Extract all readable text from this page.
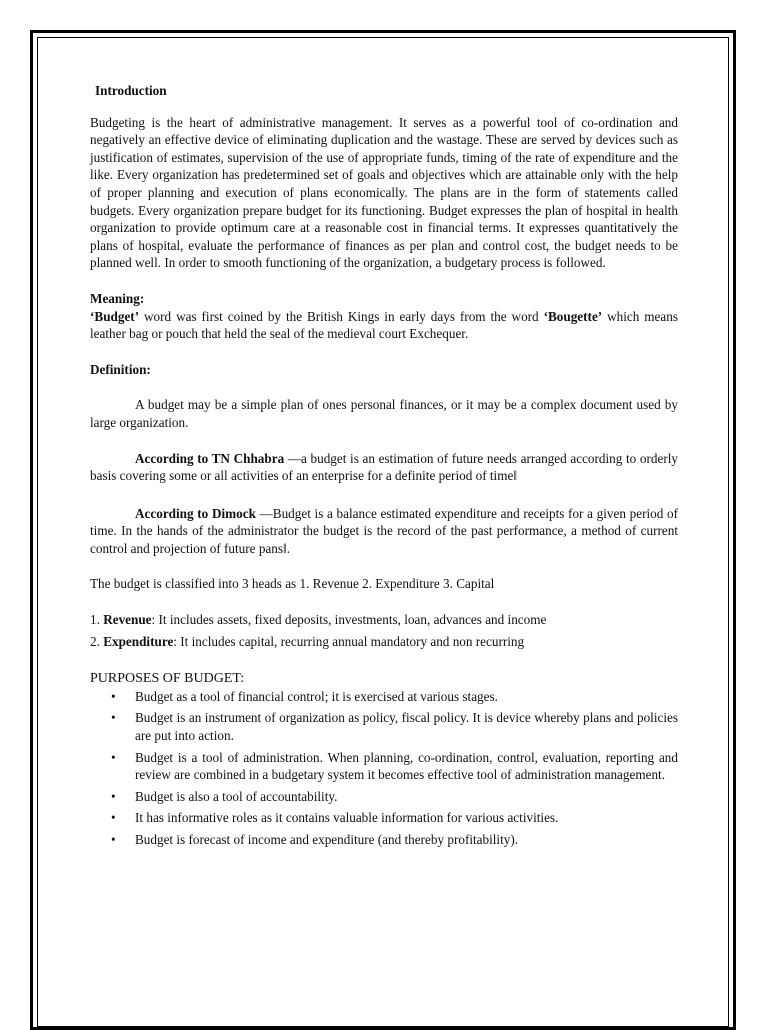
Introduction

Budgeting is the heart of administrative management. It serves as a powerful tool of co-ordination and negatively an effective device of eliminating duplication and the wastage. These are served by devices such as justification of estimates, supervision of the use of appropriate funds, timing of the rate of expenditure and the like. Every organization has predetermined set of goals and objectives which are attainable only with the help of proper planning and execution of plans economically. The plans are in the form of statements called budgets. Every organization prepare budget for its functioning. Budget expresses the plan of hospital in health organization to provide optimum care at a reasonable cost in financial terms. It expresses quantitatively the plans of hospital, evaluate the performance of finances as per plan and control cost, the budget needs to be planned well. In order to smooth functioning of the organization, a budgetary process is followed.

Meaning:

‘Budget’ word was first coined by the British Kings in early days from the word ‘Bougette’ which means leather bag or pouch that held the seal of the medieval court Exchequer.

Definition:

A budget may be a simple plan of ones personal finances, or it may be a complex document used by large organization.

According to TN Chhabra —a budget is an estimation of future needs arranged according to orderly basis covering some or all activities of an enterprise for a definite period of time‖

According to Dimock —Budget is a balance estimated expenditure and receipts for a given period of time. In the hands of the administrator the budget is the record of the past performance, a method of current control and projection of future pans‖.

The budget is classified into 3 heads as 1. Revenue 2. Expenditure 3. Capital

1. Revenue: It includes assets, fixed deposits, investments, loan, advances and income
2. Expenditure: It includes capital, recurring annual mandatory and non recurring
PURPOSES OF BUDGET:
• Budget as a tool of financial control; it is exercised at various stages.
• Budget is an instrument of organization as policy, fiscal policy. It is device whereby plans and policies are put into action.
• Budget is a tool of administration. When planning, co-ordination, control, evaluation, reporting and review are combined in a budgetary system it becomes effective tool of administration management.
• Budget is also a tool of accountability.
• It has informative roles as it contains valuable information for various activities.
• Budget is forecast of income and expenditure (and thereby profitability).
